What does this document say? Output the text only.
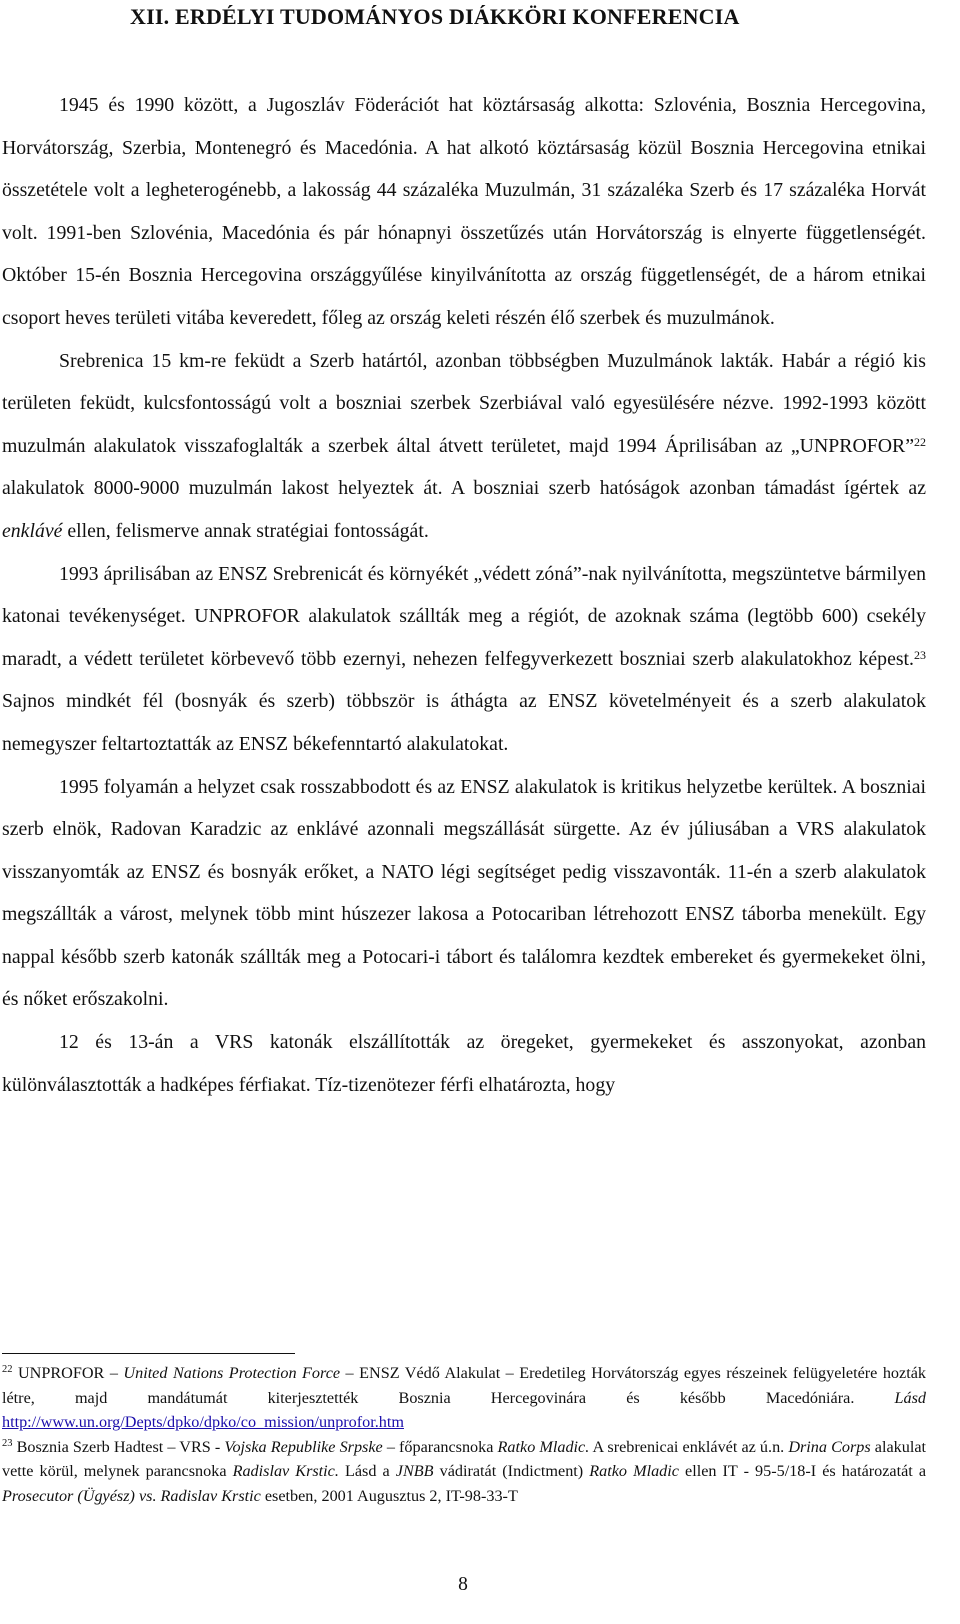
XII. ERDÉLYI TUDOMÁNYOS DIÁKKÖRI KONFERENCIA

1945 és 1990 között, a Jugoszláv Föderációt hat köztársaság alkotta: Szlovénia, Bosznia Hercegovina, Horvátország, Szerbia, Montenegró és Macedónia. A hat alkotó köztársaság közül Bosznia Hercegovina etnikai összetétele volt a legheterogénebb, a lakosság 44 százaléka Muzulmán, 31 százaléka Szerb és 17 százaléka Horvát volt. 1991-ben Szlovénia, Macedónia és pár hónapnyi összetűzés után Horvátország is elnyerte függetlenségét. Október 15-én Bosznia Hercegovina országgyűlése kinyilvánította az ország függetlenségét, de a három etnikai csoport heves területi vitába keveredett, főleg az ország keleti részén élő szerbek és muzulmánok.

Srebrenica 15 km-re feküdt a Szerb határtól, azonban többségben Muzulmánok lakták. Habár a régió kis területen feküdt, kulcsfontosságú volt a boszniai szerbek Szerbiával való egyesülésére nézve. 1992-1993 között muzulmán alakulatok visszafoglalták a szerbek által átvett területet, majd 1994 Áprilisában az „UNPROFOR”$^{22}$ alakulatok 8000-9000 muzulmán lakost helyeztek át. A boszniai szerb hatóságok azonban támadást ígértek az enklávé ellen, felismerve annak stratégiai fontosságát.

1993 áprilisában az ENSZ Srebrenicát és környékét „védett zóná”-nak nyilvánította, megszüntetve bármilyen katonai tevékenységet. UNPROFOR alakulatok szállták meg a régiót, de azoknak száma (legtöbb 600) csekély maradt, a védett területet körbevevő több ezernyi, nehezen felfegyverkezett boszniai szerb alakulatokhoz képest.$^{23}$ Sajnos mindkét fél (bosnyák és szerb) többször is áthágta az ENSZ követelményeit és a szerb alakulatok nemegyszer feltartoztatták az ENSZ békefenntartó alakulatokat.

1995 folyamán a helyzet csak rosszabbodott és az ENSZ alakulatok is kritikus helyzetbe kerültek. A boszniai szerb elnök, Radovan Karadzic az enklávé azonnali megszállását sürgette. Az év júliusában a VRS alakulatok visszanyomták az ENSZ és bosnyák erőket, a NATO légi segítséget pedig visszavonták. 11-én a szerb alakulatok megszállták a várost, melynek több mint húszezer lakosa a Potocariban létrehozott ENSZ táborba menekült. Egy nappal később szerb katonák szállták meg a Potocari-i tábort és találomra kezdtek embereket és gyermekeket ölni, és nőket erőszakolni.

12 és 13-án a VRS katonák elszállították az öregeket, gyermekeket és asszonyokat, azonban különválasztották a hadképes férfiakat. Tíz-tizenötezer férfi elhatározta, hogy

$^{22}$ UNPROFOR – United Nations Protection Force – ENSZ Védő Alakulat – Eredetileg Horvátország egyes részeinek felügyeletére hozták létre, majd mandátumát kiterjesztették Bosznia Hercegovinára és később Macedóniára. Lásd http://www.un.org/Depts/dpko/dpko/co_mission/unprofor.htm

$^{23}$ Bosznia Szerb Hadtest – VRS - Vojska Republike Srpske – főparancsnoka Ratko Mladic. A srebrenicai enklávét az ú.n. Drina Corps alakulat vette körül, melynek parancsnoka Radislav Krstic. Lásd a JNBB vádiratát (Indictment) Ratko Mladic ellen IT - 95-5/18-I és határozatát a Prosecutor (Ügyész) vs. Radislav Krstic esetben, 2001 Augusztus 2, IT-98-33-T

8
